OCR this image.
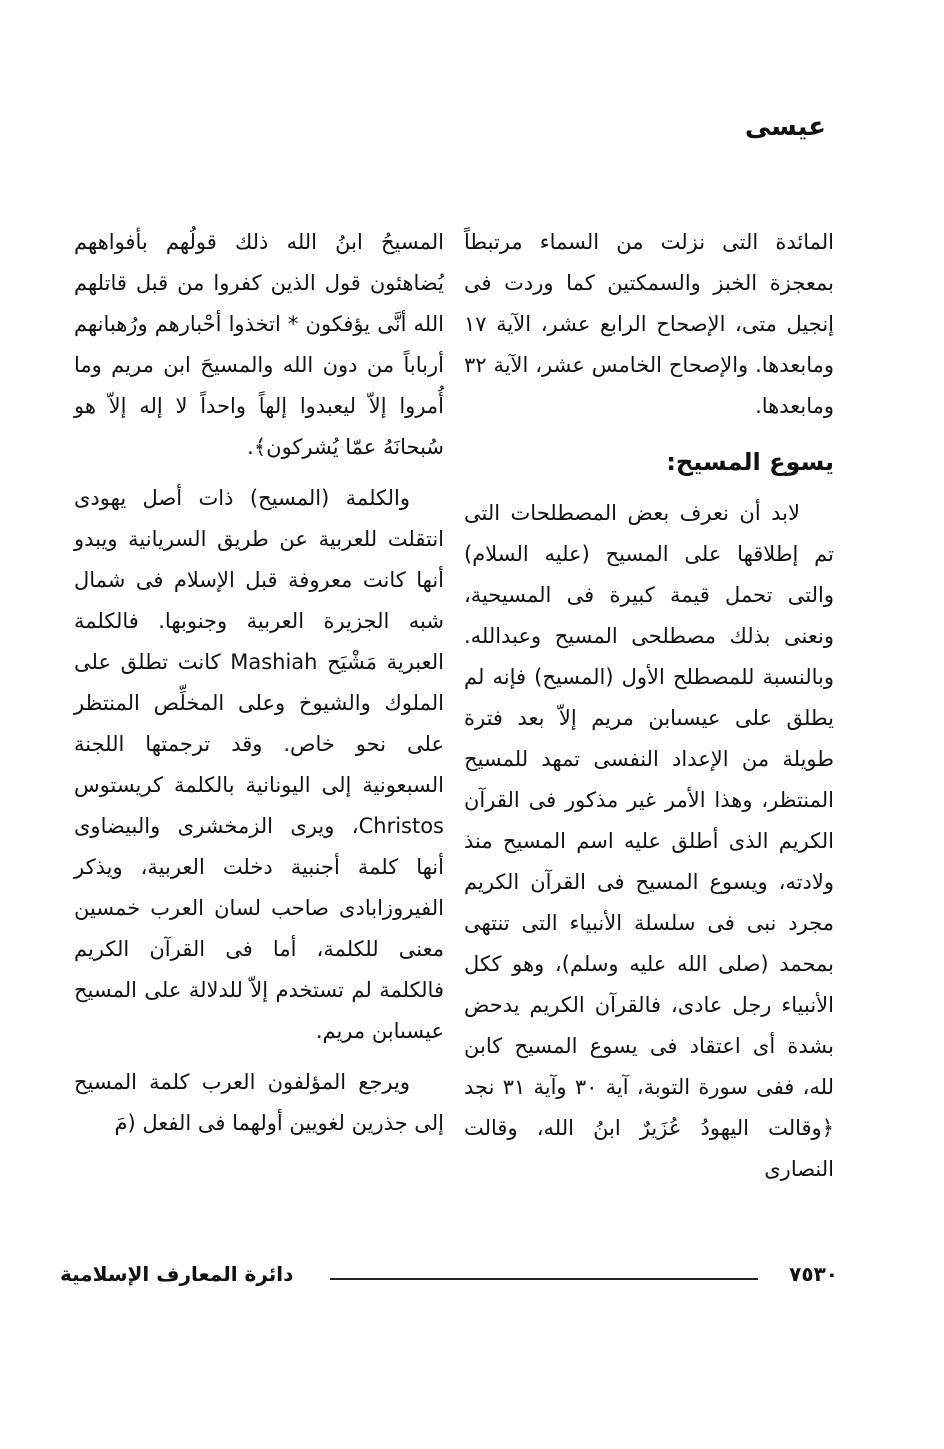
عيسى

المائدة التى نزلت من السماء مرتبطاً بمعجزة الخبز والسمكتين كما وردت فى إنجيل متى، الإصحاح الرابع عشر، الآية ١٧ ومابعدها. والإصحاح الخامس عشر، الآية ٣٢ ومابعدها.

يسوع المسيح:

لابد أن نعرف بعض المصطلحات التى تم إطلاقها على المسيح (عليه السلام) والتى تحمل قيمة كبيرة فى المسيحية، ونعنى بذلك مصطلحى المسيح وعبدالله. وبالنسبة للمصطلح الأول (المسيح) فإنه لم يطلق على عيسىابن مريم إلاّ بعد فترة طويلة من الإعداد النفسى تمهد للمسيح المنتظر، وهذا الأمر غير مذكور فى القرآن الكريم الذى أطلق عليه اسم المسيح منذ ولادته، ويسوع المسيح فى القرآن الكريم مجرد نبى فى سلسلة الأنبياء التى تنتهى بمحمد (صلى الله عليه وسلم)، وهو ككل الأنبياء رجل عادى، فالقرآن الكريم يدحض بشدة أى اعتقاد فى يسوع المسيح كابن لله، ففى سورة التوبة، آية ٣٠ وآية ٣١ نجد ﴿وقالت اليهودُ عُزَيرٌ ابنُ الله، وقالت النصارى

المسيحُ ابنُ الله ذلك قولُهم بأفواههم يُضاهئون قول الذين كفروا من قبل قاتلهم الله أنَّى يؤفكون * اتخذوا أحْبارهم ورُهبانهم أرباباً من دون الله والمسيحَ ابن مريم وما أُمروا إلاّ ليعبدوا إلهاً واحداً لا إله إلاّ هو سُبحانَهُ عمّا يُشركون﴾.

والكلمة (المسيح) ذات أصل يهودى انتقلت للعربية عن طريق السريانية ويبدو أنها كانت معروفة قبل الإسلام فى شمال شبه الجزيرة العربية وجنوبها. فالكلمة العبرية مَشْيَح Mashiah كانت تطلق على الملوك والشيوخ وعلى المخلِّص المنتظر على نحو خاص. وقد ترجمتها اللجنة السبعونية إلى اليونانية بالكلمة كريستوس Christos، ويرى الزمخشرى والبيضاوى أنها كلمة أجنبية دخلت العربية، ويذكر الفيروزابادى صاحب لسان العرب خمسين معنى للكلمة، أما فى القرآن الكريم فالكلمة لم تستخدم إلاّ للدلالة على المسيح عيسىابن مريم.

ويرجع المؤلفون العرب كلمة المسيح إلى جذرين لغويين أولهما فى الفعل (مَ

دائرة المعارف الإسلامية	٧٥٣٠
